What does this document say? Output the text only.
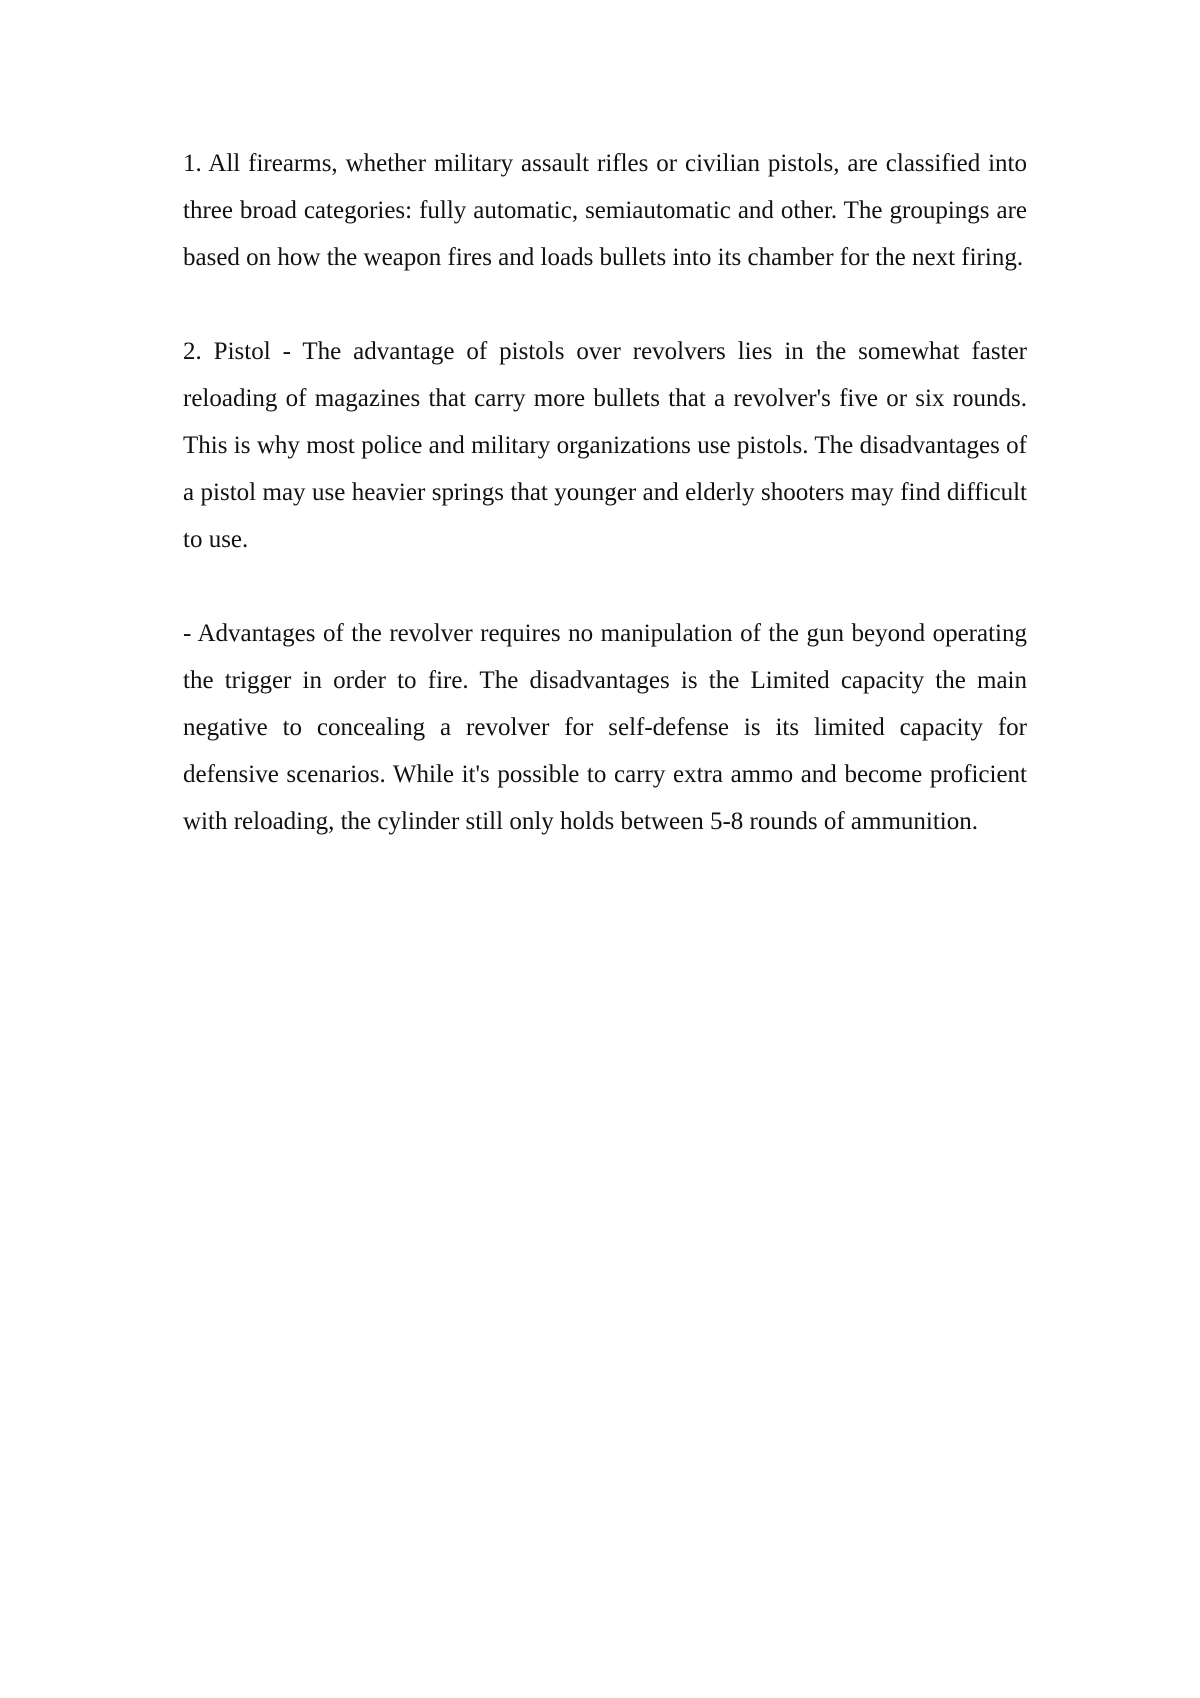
1. All firearms, whether military assault rifles or civilian pistols, are classified into three broad categories: fully automatic, semiautomatic and other. The groupings are based on how the weapon fires and loads bullets into its chamber for the next firing.

2. Pistol - The advantage of pistols over revolvers lies in the somewhat faster reloading of magazines that carry more bullets that a revolver's five or six rounds. This is why most police and military organizations use pistols. The disadvantages of a pistol may use heavier springs that younger and elderly shooters may find difficult to use.

- Advantages of the revolver requires no manipulation of the gun beyond operating the trigger in order to fire. The disadvantages is the Limited capacity the main negative to concealing a revolver for self-defense is its limited capacity for defensive scenarios. While it's possible to carry extra ammo and become proficient with reloading, the cylinder still only holds between 5-8 rounds of ammunition.
